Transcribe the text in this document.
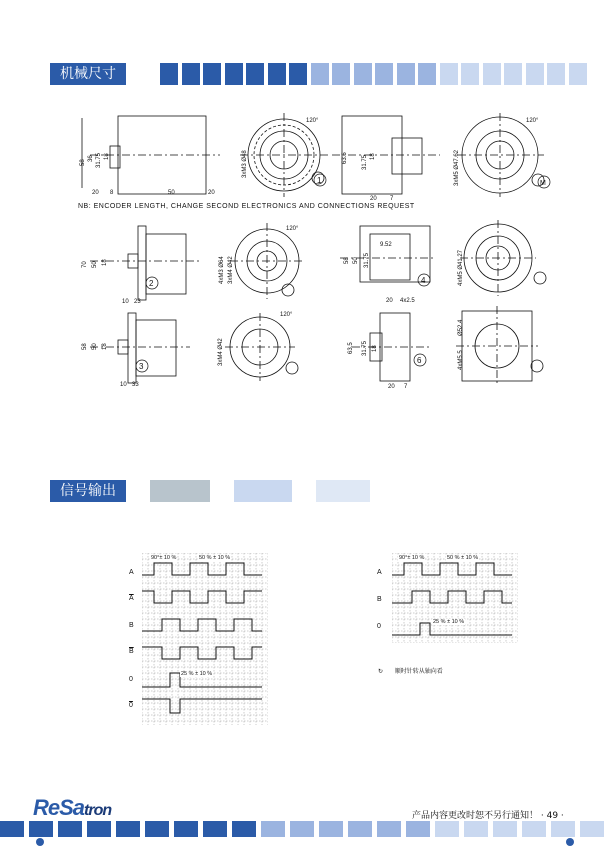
机械尺寸
120°	120°
120°
120°
3xM3 Ø48	3xM5 Ø47.62
4xM3 Ø64 3xM4 Ø42	4xM5 Ø41.27
3xM4 Ø42
Ø52.4
4xM5.5
58
36 31.75 18
20 8	50	20
63.5 31.75 18
20 7
70 50 18
10 23
58 50 31.75
9.52
20 4x2.5
58 50 18
10 33
63.5 31.75 18
20 7
1	M
2
3
4
6
NB: ENCODER LENGTH, CHANGE SECOND ELECTRONICS AND CONNECTIONS REQUEST
信号输出
A
$\overline{A}$
B
$\overline{B}$
0
0
90°± 10 %	50 % ± 10 %
25 % ± 10 %
A
B
0
90°± 10 %	50 % ± 10 %
25 % ± 10 %
↻ 顺时针转从轴向看
ReSatron	产品内容更改时恕不另行通知！ · 49 ·
